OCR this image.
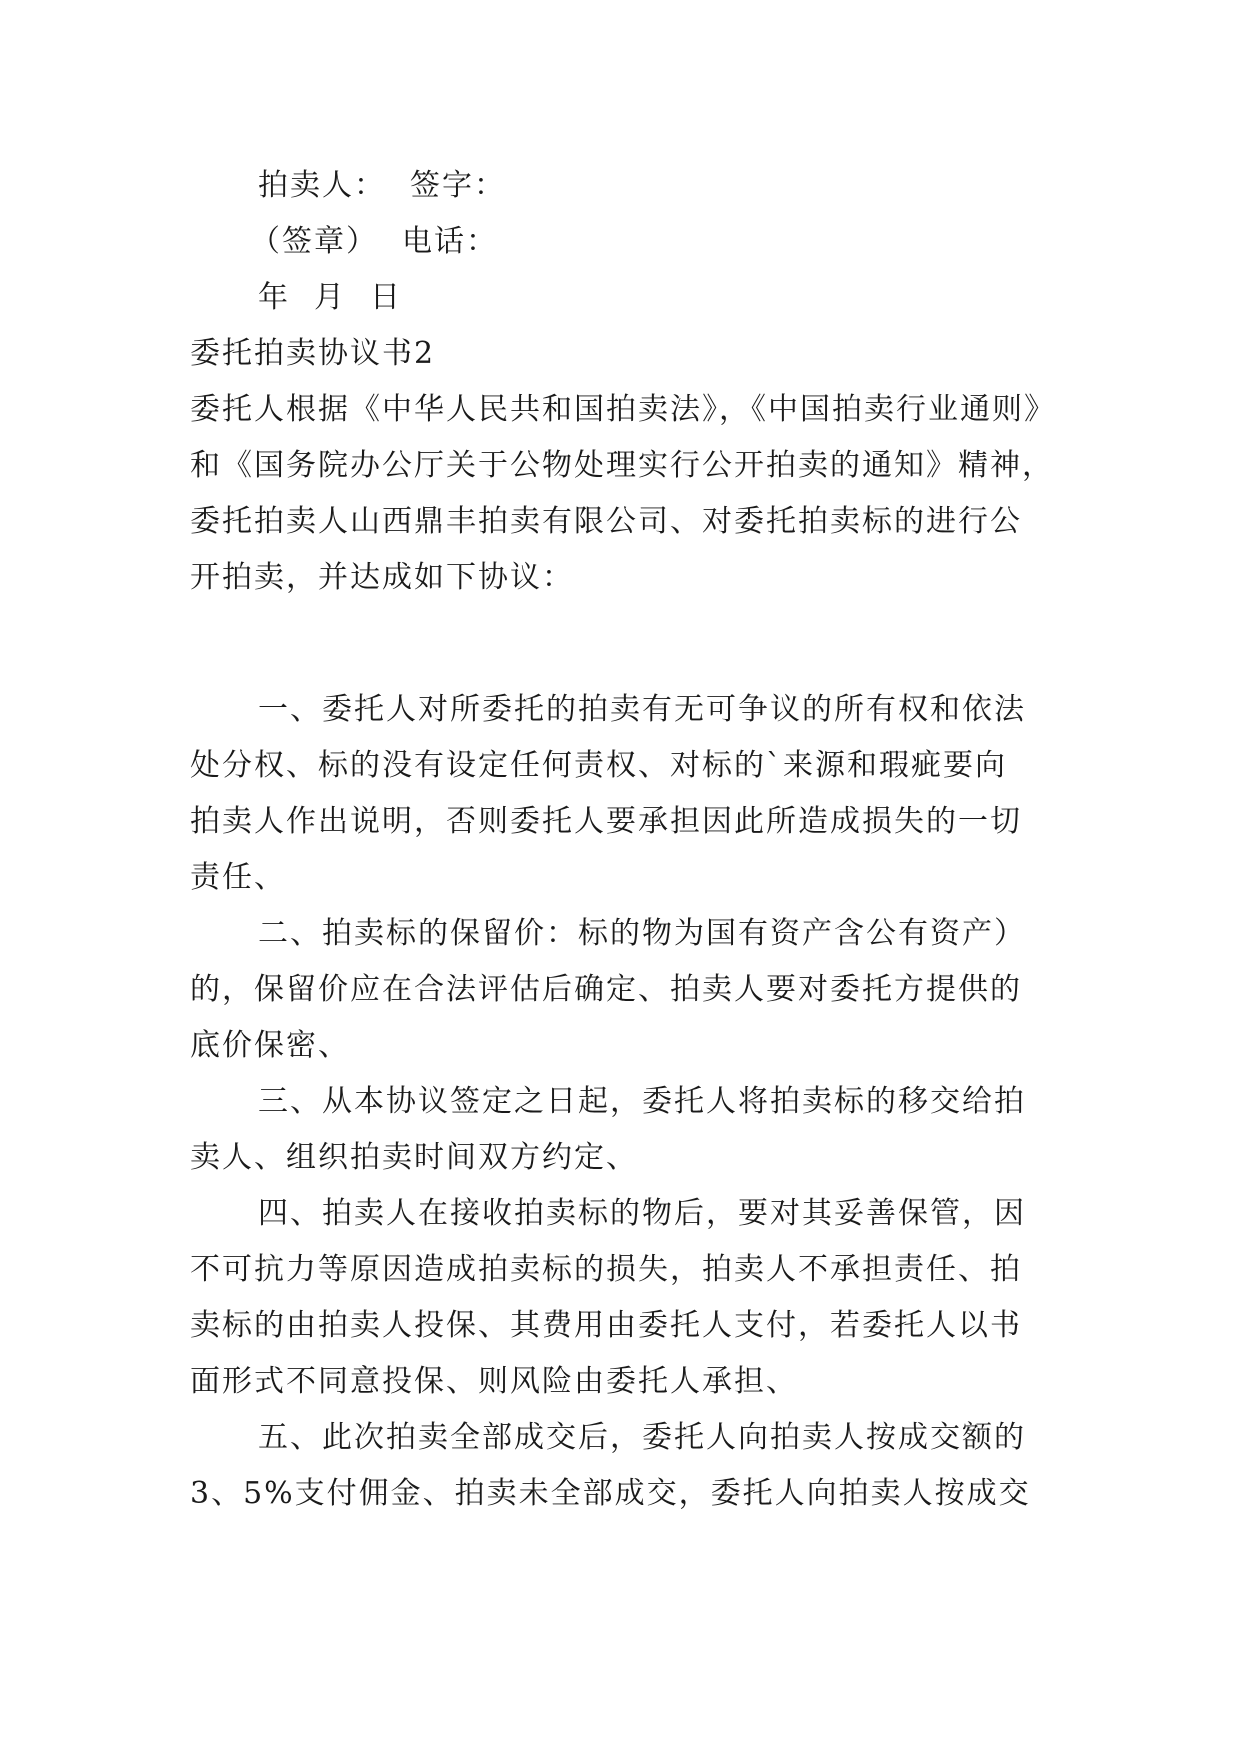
拍卖人： 签字：
（签章） 电话：
年 月 日
委托拍卖协议书2
委托人根据《中华人民共和国拍卖法》，《中国拍卖行业通则》
和《国务院办公厅关于公物处理实行公开拍卖的通知》精神，
委托拍卖人山西鼎丰拍卖有限公司、对委托拍卖标的进行公
开拍卖，并达成如下协议：
一、委托人对所委托的拍卖有无可争议的所有权和依法
处分权、标的没有设定任何责权、对标的`来源和瑕疵要向
拍卖人作出说明，否则委托人要承担因此所造成损失的一切
责任、
二、拍卖标的保留价：标的物为国有资产含公有资产）
的，保留价应在合法评估后确定、拍卖人要对委托方提供的
底价保密、
三、从本协议签定之日起，委托人将拍卖标的移交给拍
卖人、组织拍卖时间双方约定、
四、拍卖人在接收拍卖标的物后，要对其妥善保管，因
不可抗力等原因造成拍卖标的损失，拍卖人不承担责任、拍
卖标的由拍卖人投保、其费用由委托人支付，若委托人以书
面形式不同意投保、则风险由委托人承担、
五、此次拍卖全部成交后，委托人向拍卖人按成交额的
3、5%支付佣金、拍卖未全部成交，委托人向拍卖人按成交
